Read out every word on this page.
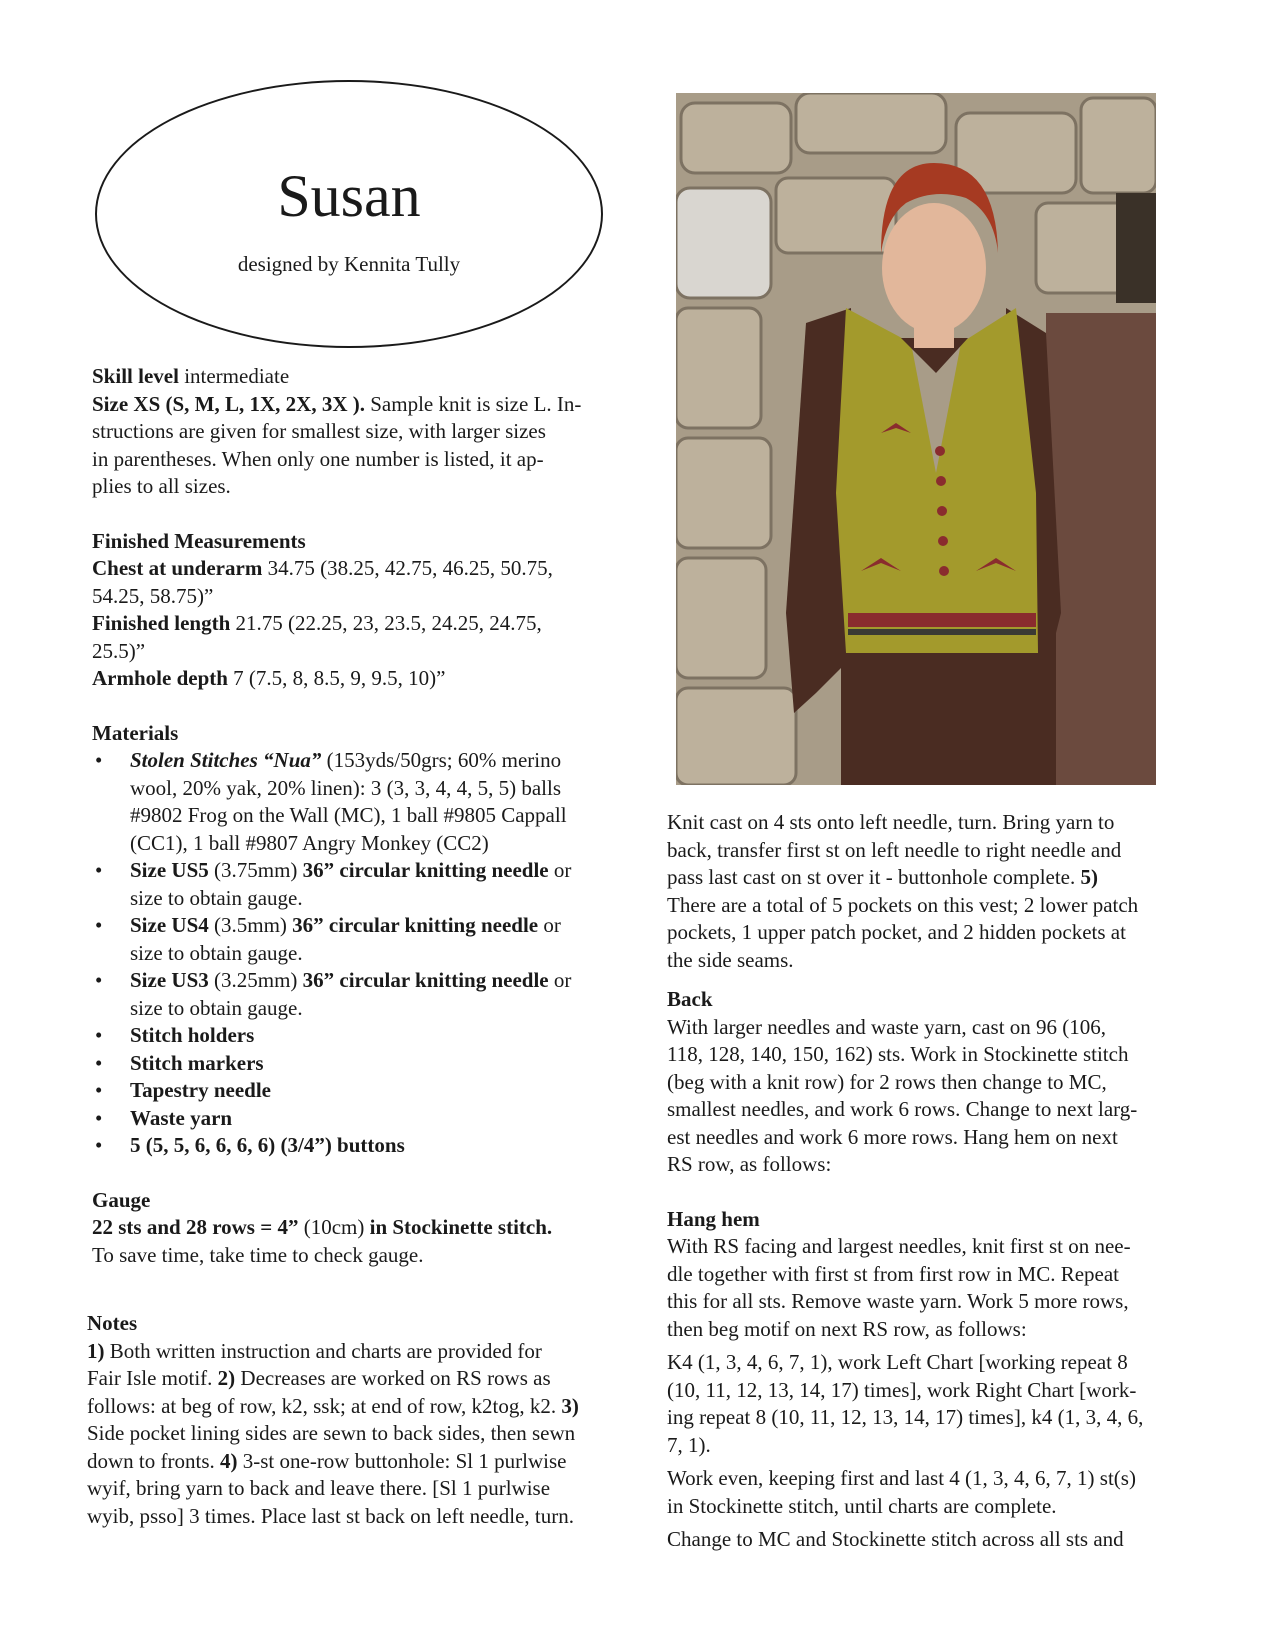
Susan
designed by Kennita Tully

Skill level intermediate

Size XS (S, M, L, 1X, 2X, 3X ). Sample knit is size L. In-

structions are given for smallest size, with larger sizes

in parentheses. When only one number is listed, it ap-

plies to all sizes.

Finished Measurements

Chest at underarm 34.75 (38.25, 42.75, 46.25, 50.75,

54.25, 58.75)”

Finished length 21.75 (22.25, 23, 23.5, 24.25, 24.75,

25.5)”

Armhole depth 7 (7.5, 8, 8.5, 9, 9.5, 10)”

Materials

• Stolen Stitches “Nua” (153yds/50grs; 60% merino
wool, 20% yak, 20% linen): 3 (3, 3, 4, 4, 5, 5) balls
#9802 Frog on the Wall (MC), 1 ball #9805 Cappall
(CC1), 1 ball #9807 Angry Monkey (CC2)
• Size US5 (3.75mm) 36” circular knitting needle or
size to obtain gauge.
• Size US4 (3.5mm) 36” circular knitting needle or
size to obtain gauge.
• Size US3 (3.25mm) 36” circular knitting needle or
size to obtain gauge.
• Stitch holders
• Stitch markers
• Tapestry needle
• Waste yarn
• 5 (5, 5, 6, 6, 6, 6) (3/4”) buttons

Gauge

22 sts and 28 rows = 4” (10cm) in Stockinette stitch.

To save time, take time to check gauge.

Notes

1) Both written instruction and charts are provided for

Fair Isle motif. 2) Decreases are worked on RS rows as

follows: at beg of row, k2, ssk; at end of row, k2tog, k2. 3)

Side pocket lining sides are sewn to back sides, then sewn

down to fronts. 4) 3-st one-row buttonhole: Sl 1 purlwise

wyif, bring yarn to back and leave there. [Sl 1 purlwise

wyib, psso] 3 times. Place last st back on left needle, turn.

Knit cast on 4 sts onto left needle, turn. Bring yarn to

back, transfer first st on left needle to right needle and

pass last cast on st over it - buttonhole complete. 5)

There are a total of 5 pockets on this vest; 2 lower patch

pockets, 1 upper patch pocket, and 2 hidden pockets at

the side seams.

Back

With larger needles and waste yarn, cast on 96 (106,

118, 128, 140, 150, 162) sts. Work in Stockinette stitch

(beg with a knit row) for 2 rows then change to MC,

smallest needles, and work 6 rows. Change to next larg-

est needles and work 6 more rows. Hang hem on next

RS row, as follows:

Hang hem

With RS facing and largest needles, knit first st on nee-

dle together with first st from first row in MC. Repeat

this for all sts. Remove waste yarn. Work 5 more rows,

then beg motif on next RS row, as follows:

K4 (1, 3, 4, 6, 7, 1), work Left Chart [working repeat 8

(10, 11, 12, 13, 14, 17) times], work Right Chart [work-

ing repeat 8 (10, 11, 12, 13, 14, 17) times], k4 (1, 3, 4, 6,

7, 1).

Work even, keeping first and last 4 (1, 3, 4, 6, 7, 1) st(s)

in Stockinette stitch, until charts are complete.

Change to MC and Stockinette stitch across all sts and
